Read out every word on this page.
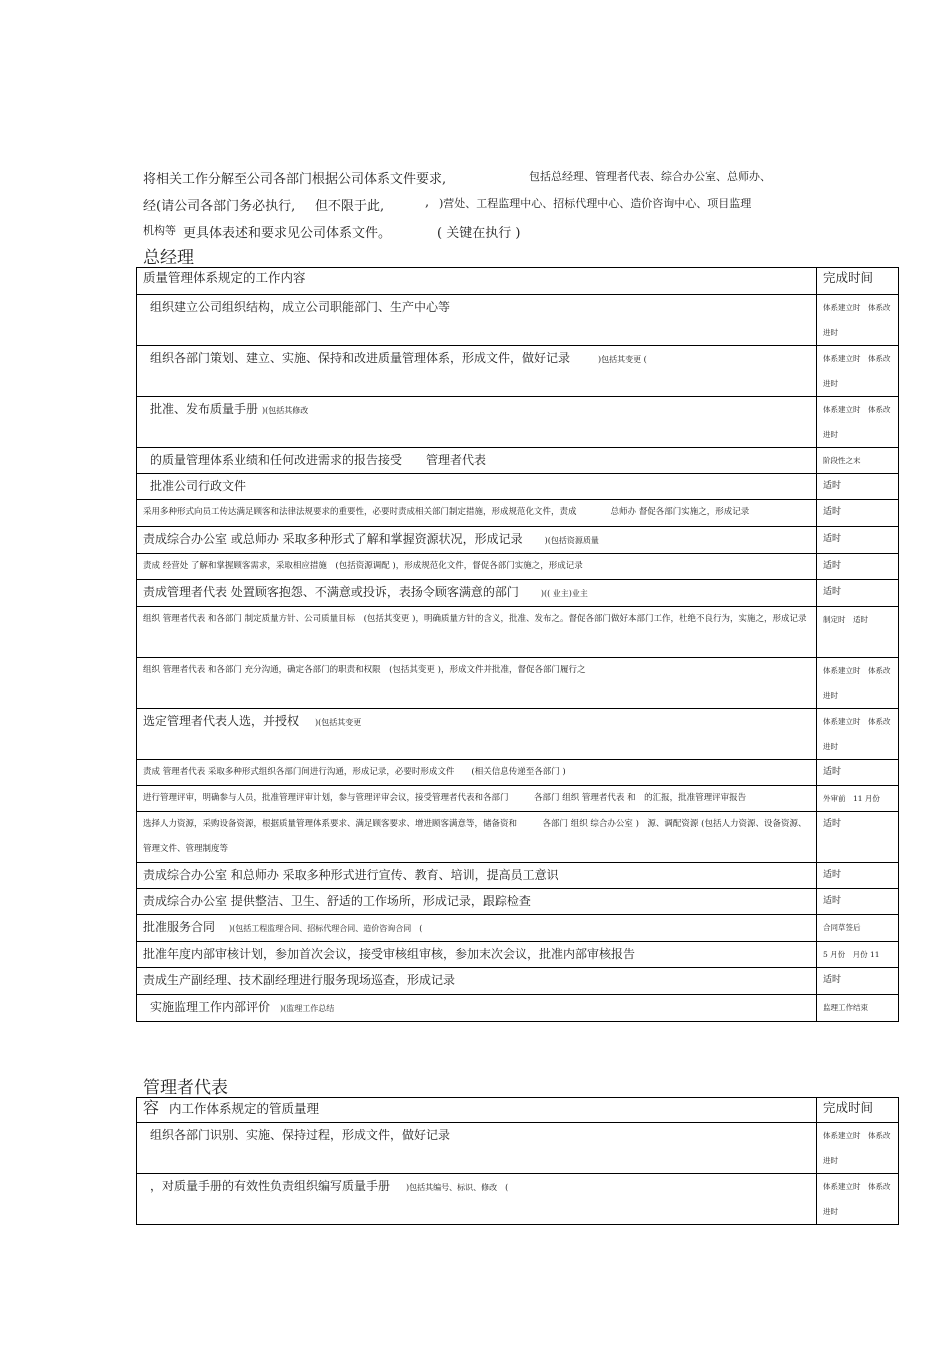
将相关工作分解至公司各部门根据公司体系文件要求,	包括总经理、管理者代表、综合办公室、总师办、
经(请公司各部门务必执行, 但不限于此,	, )营处、工程监理中心、招标代理中心、造价咨询中心、项目监理
机构等 更具体表述和要求见公司体系文件。	( 关键在执行 )
总经理
质量管理体系规定的工作内容	完成时间

组织建立公司组织结构，成立公司职能部门、生产中心等	体系建立时　体系改进时

组织各部门策划、建立、实施、保持和改进质量管理体系，形成文件，做好记录 )包括其变更 (	体系建立时　体系改进时

批准、发布质量手册 )(包括其修改	体系建立时　体系改进时

的质量管理体系业绩和任何改进需求的报告接受　　管理者代表	阶段性之末

批准公司行政文件	适时

采用多种形式向员工传达满足顾客和法律法规要求的重要性，必要时责成相关部门制定措施，形成规范化文件，责成 总师办 督促各部门实施之，形成记录	适时

责成综合办公室 或总师办 采取多种形式了解和掌握资源状况，形成记录 )(包括资源质量	适时

责成 经营处 了解和掌握顾客需求，采取相应措施　(包括资源调配 )，形成规范化文件，督促各部门实施之，形成记录	适时

责成管理者代表 处置顾客抱怨、不满意或投诉，表扬令顾客满意的部门 )(( 业主)业主	适时

组织 管理者代表 和各部门 制定质量方针、公司质量目标　(包括其变更 )，明确质量方针的含义，批准、发布之。督促各部门做好本部门工作，杜绝不良行为，实施之，形成记录	制定时　适时

组织 管理者代表 和各部门 充分沟通，确定各部门的职责和权限　(包括其变更 )，形成文件并批准，督促各部门履行之	体系建立时　体系改进时

选定管理者代表人选，并授权 )(包括其变更	体系建立时　体系改进时

责成 管理者代表 采取多种形式组织各部门间进行沟通，形成记录，必要时形成文件　　(相关信息传递至各部门 )	适时

进行管理评审，明确参与人员，批准管理评审计划，参与管理评审会议，接受管理者代表和各部门　　　各部门 组织 管理者代表 和　的汇报，批准管理评审报告	外审前　11 月份

选择人力资源，采购设备资源，根据质量管理体系要求、满足顾客要求、增进顾客满意等，储备资和　　　各部门 组织 综合办公室 )　源、调配资源 (包括人力资源、设备资源、管理文件、管理制度等	适时

责成综合办公室 和总师办 采取多种形式进行宣传、教育、培训，提高员工意识	适时

责成综合办公室 提供整洁、卫生、舒适的工作场所，形成记录，跟踪检查	适时

批准服务合同 )(包括工程监理合同、招标代理合同、造价咨询合同　(	合同草签后

批准年度内部审核计划，参加首次会议，接受审核组审核，参加末次会议，批准内部审核报告	5 月份　月份 11

责成生产副经理、技术副经理进行服务现场巡查，形成记录	适时

实施监理工作内部评价 )(监理工作总结	监理工作结束
管理者代表
容 内工作体系规定的管质量理	完成时间

组织各部门识别、实施、保持过程，形成文件，做好记录	体系建立时　体系改进时

，对质量手册的有效性负责组织编写质量手册 )包括其编号、标识、修改　(	体系建立时　体系改进时
